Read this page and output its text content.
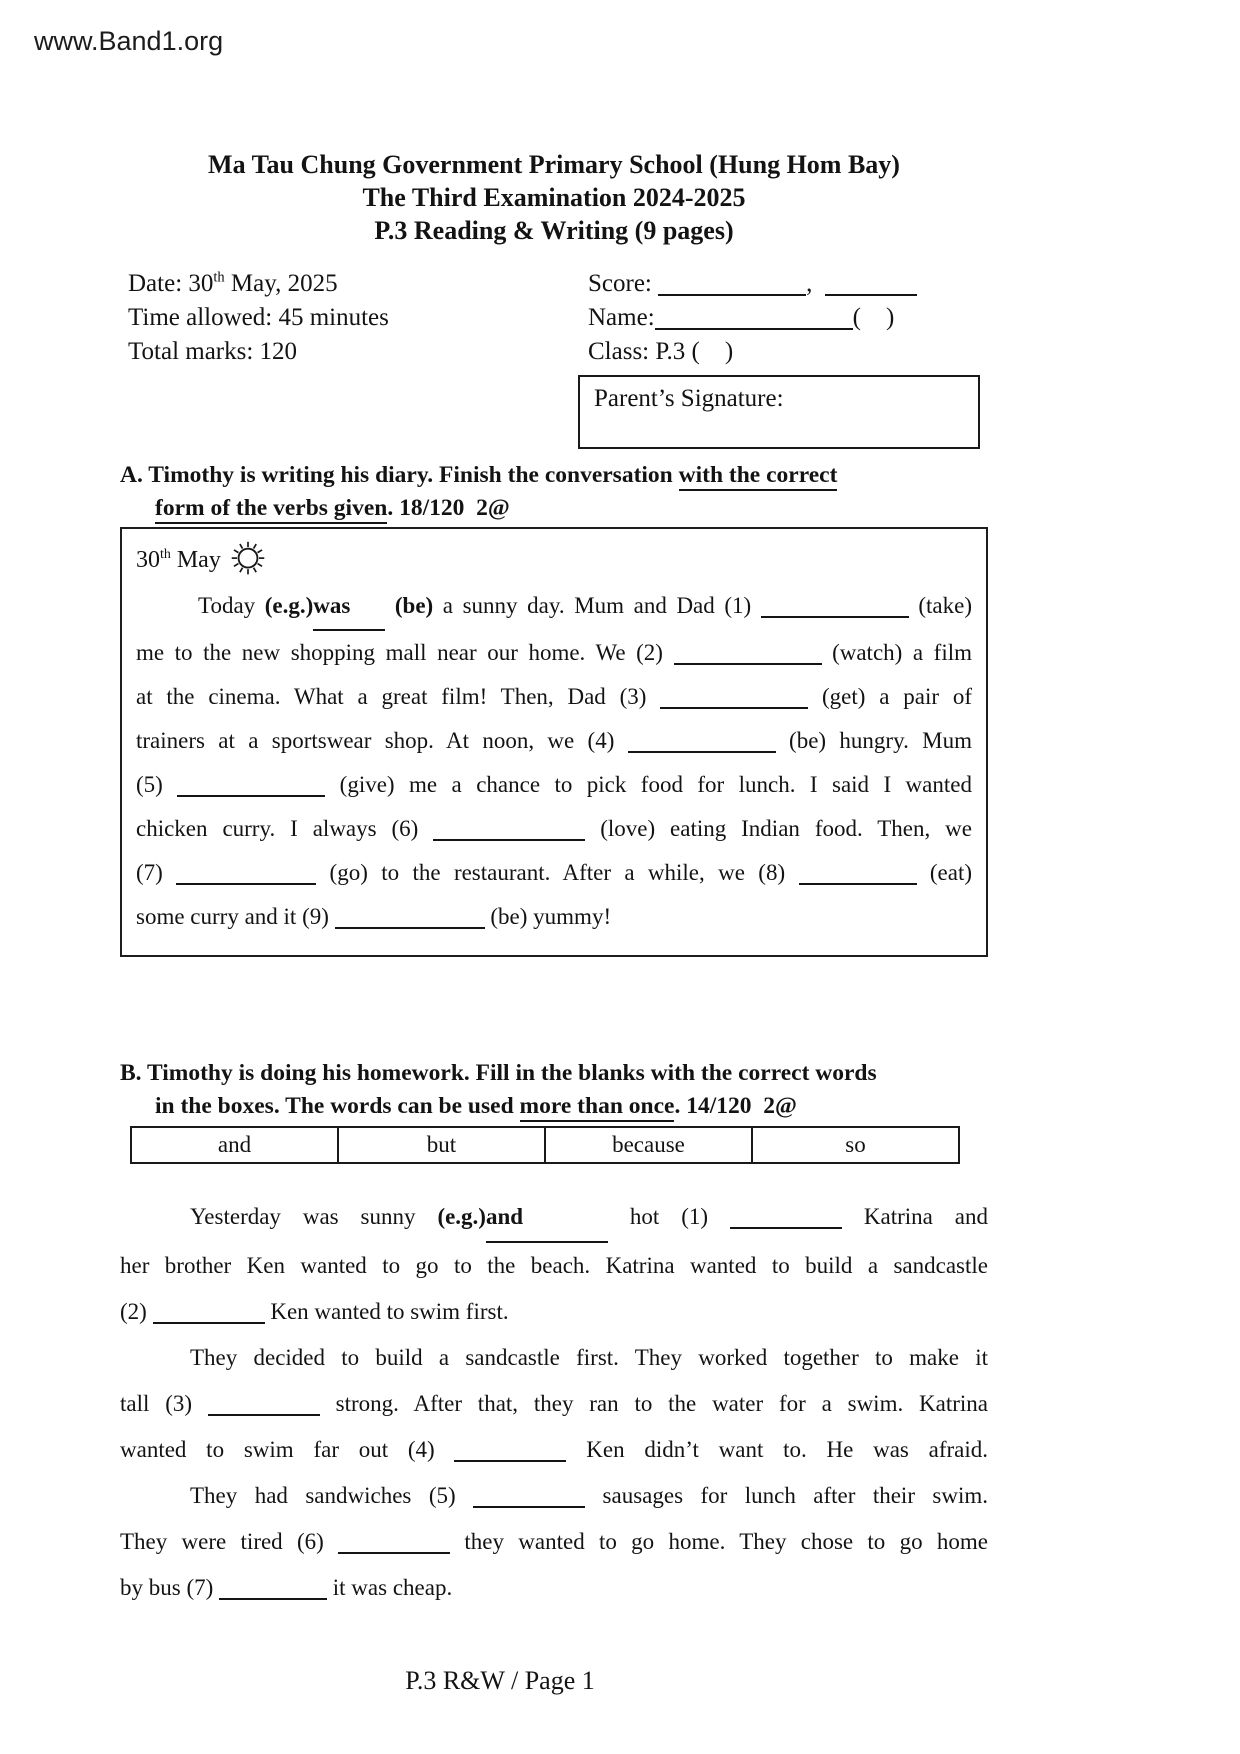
www.Band1.org
Ma Tau Chung Government Primary School (Hung Hom Bay)
The Third Examination 2024-2025
P.3 Reading & Writing (9 pages)
Date: 30th May, 2025
Time allowed: 45 minutes
Total marks: 120
Score:	,
Name:	(    )
Class: P.3 (    )
Parent’s Signature:
A. Timothy is writing his diary. Finish the conversation with the correct
form of the verbs given. 18/120  2@
30th May
Today (e.g.)was (be) a sunny day. Mum and Dad (1)	(take)
me to the new shopping mall near our home. We (2)	(watch) a film
at the cinema. What a great film! Then, Dad (3)	(get) a pair of
trainers at a sportswear shop. At noon, we (4)	(be) hungry. Mum
(5)	(give) me a chance to pick food for lunch. I said I wanted
chicken curry. I always (6)	(love) eating Indian food. Then, we
(7)	(go) to the restaurant. After a while, we (8)	(eat)
some curry and it (9)	(be) yummy!
B. Timothy is doing his homework. Fill in the blanks with the correct words
in the boxes. The words can be used more than once. 14/120  2@
and	but	because	so
Yesterday was sunny (e.g.)and	hot (1)	Katrina and
her brother Ken wanted to go to the beach. Katrina wanted to build a sandcastle
(2)	Ken wanted to swim first.
They decided to build a sandcastle first. They worked together to make it
tall (3)	strong. After that, they ran to the water for a swim. Katrina
wanted to swim far out (4)	Ken didn’t want to. He was afraid.
They had sandwiches (5)	sausages for lunch after their swim.
They were tired (6)	they wanted to go home. They chose to go home
by bus (7)	it was cheap.
P.3 R&W / Page 1
